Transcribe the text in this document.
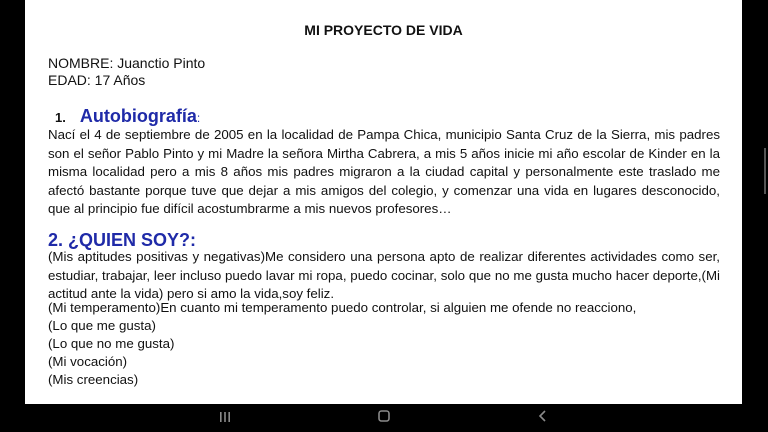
MI PROYECTO DE VIDA
NOMBRE: Juanctio Pinto
EDAD: 17 Años
1. Autobiografía:
Nací el 4 de septiembre de 2005 en la localidad de Pampa Chica, municipio Santa Cruz de la Sierra, mis padres son el señor Pablo Pinto y mi Madre la señora Mirtha Cabrera, a mis 5 años inicie mi año escolar de Kinder en la misma localidad pero a mis 8 años mis padres migraron a la ciudad capital y personalmente este traslado me afectó bastante porque tuve que dejar a mis amigos del colegio, y comenzar una vida en lugares desconocido, que al principio fue difícil acostumbrarme a mis nuevos profesores…
2. ¿QUIEN SOY?:
(Mis aptitudes positivas y negativas)Me considero una persona apto de realizar diferentes actividades como ser, estudiar, trabajar, leer incluso puedo lavar mi ropa, puedo cocinar, solo que no me gusta mucho hacer deporte,(Mi actitud ante la vida) pero si amo la vida,soy feliz.
(Mi temperamento)En cuanto mi temperamento puedo controlar, si alguien me ofende no reacciono,
(Lo que me gusta)
(Lo que no me gusta)
(Mi vocación)
(Mis creencias)
